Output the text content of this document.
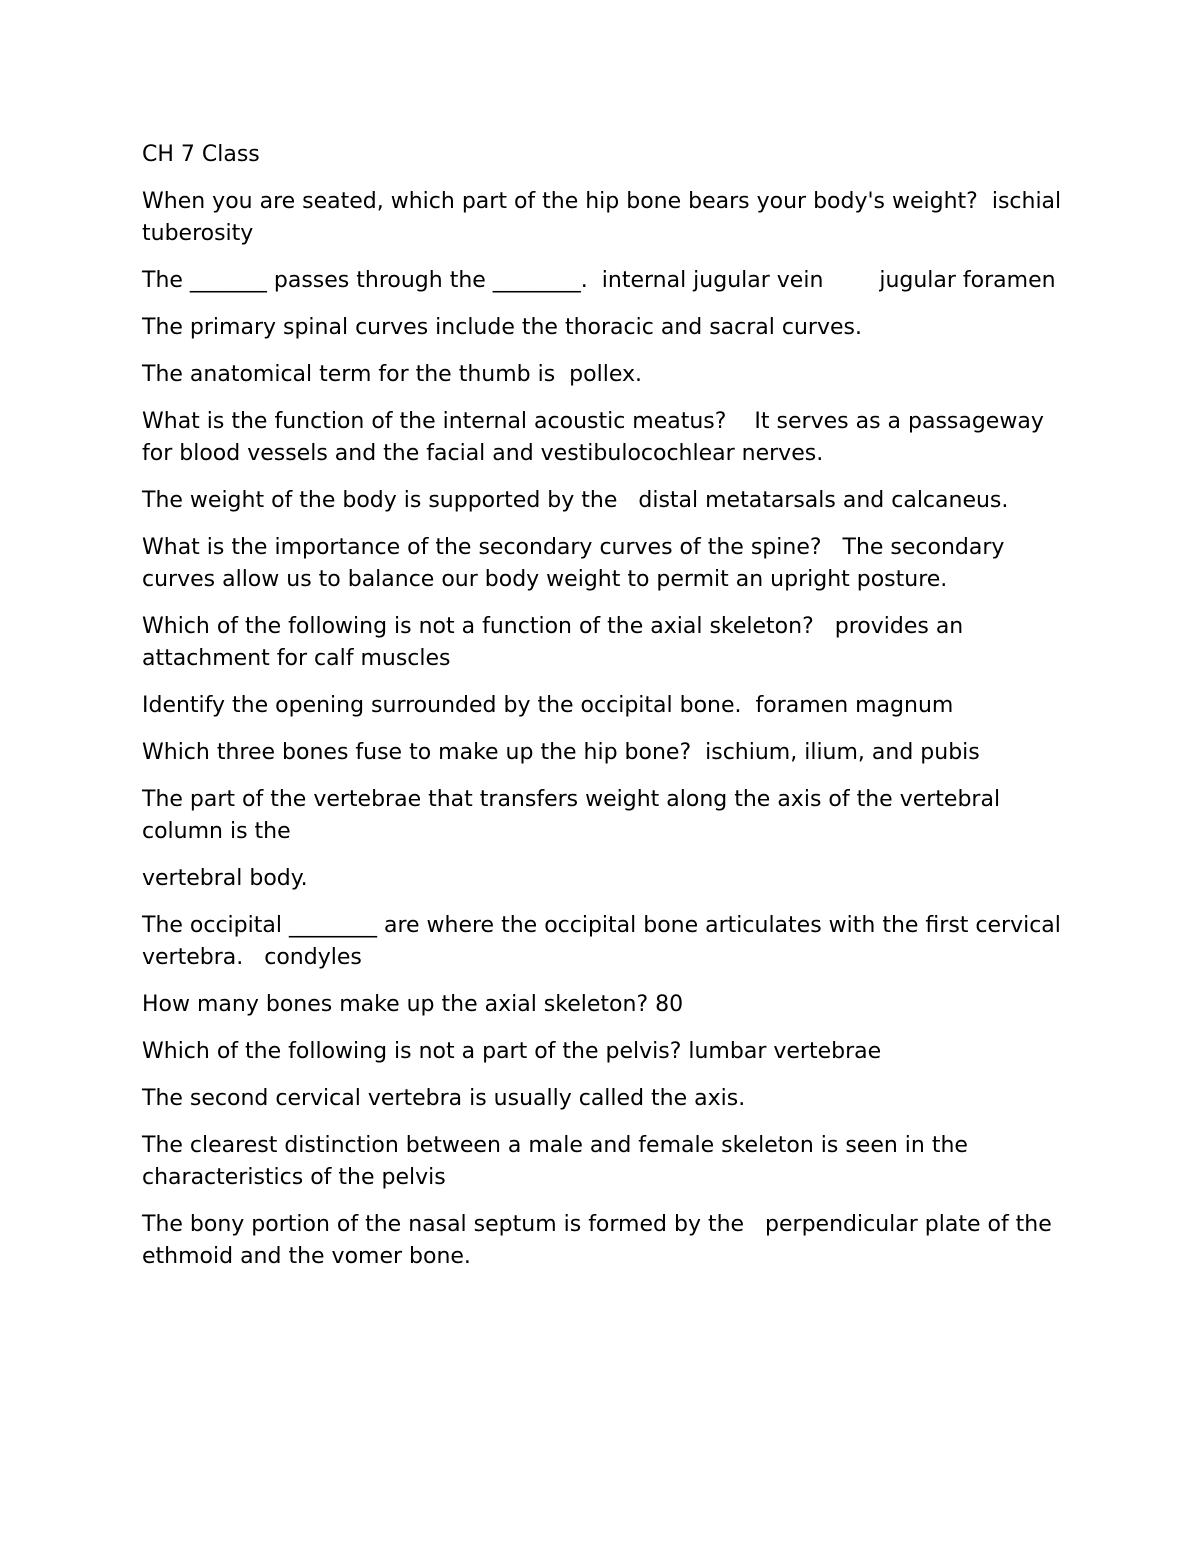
CH 7 Class

When you are seated, which part of the hip bone bears your body's weight?  ischial tuberosity

The _______ passes through the ________.  internal jugular vein        jugular foramen

The primary spinal curves include the thoracic and sacral curves.

The anatomical term for the thumb is  pollex.

What is the function of the internal acoustic meatus?    It serves as a passageway for blood vessels and the facial and vestibulocochlear nerves.

The weight of the body is supported by the   distal metatarsals and calcaneus.

What is the importance of the secondary curves of the spine?   The secondary curves allow us to balance our body weight to permit an upright posture.

Which of the following is not a function of the axial skeleton?   provides an attachment for calf muscles

Identify the opening surrounded by the occipital bone.  foramen magnum

Which three bones fuse to make up the hip bone?  ischium, ilium, and pubis

The part of the vertebrae that transfers weight along the axis of the vertebral column is the

vertebral body.

The occipital ________ are where the occipital bone articulates with the first cervical vertebra.   condyles

How many bones make up the axial skeleton? 80

Which of the following is not a part of the pelvis? lumbar vertebrae

The second cervical vertebra is usually called the axis.

The clearest distinction between a male and female skeleton is seen in the characteristics of the pelvis

The bony portion of the nasal septum is formed by the   perpendicular plate of the ethmoid and the vomer bone.
